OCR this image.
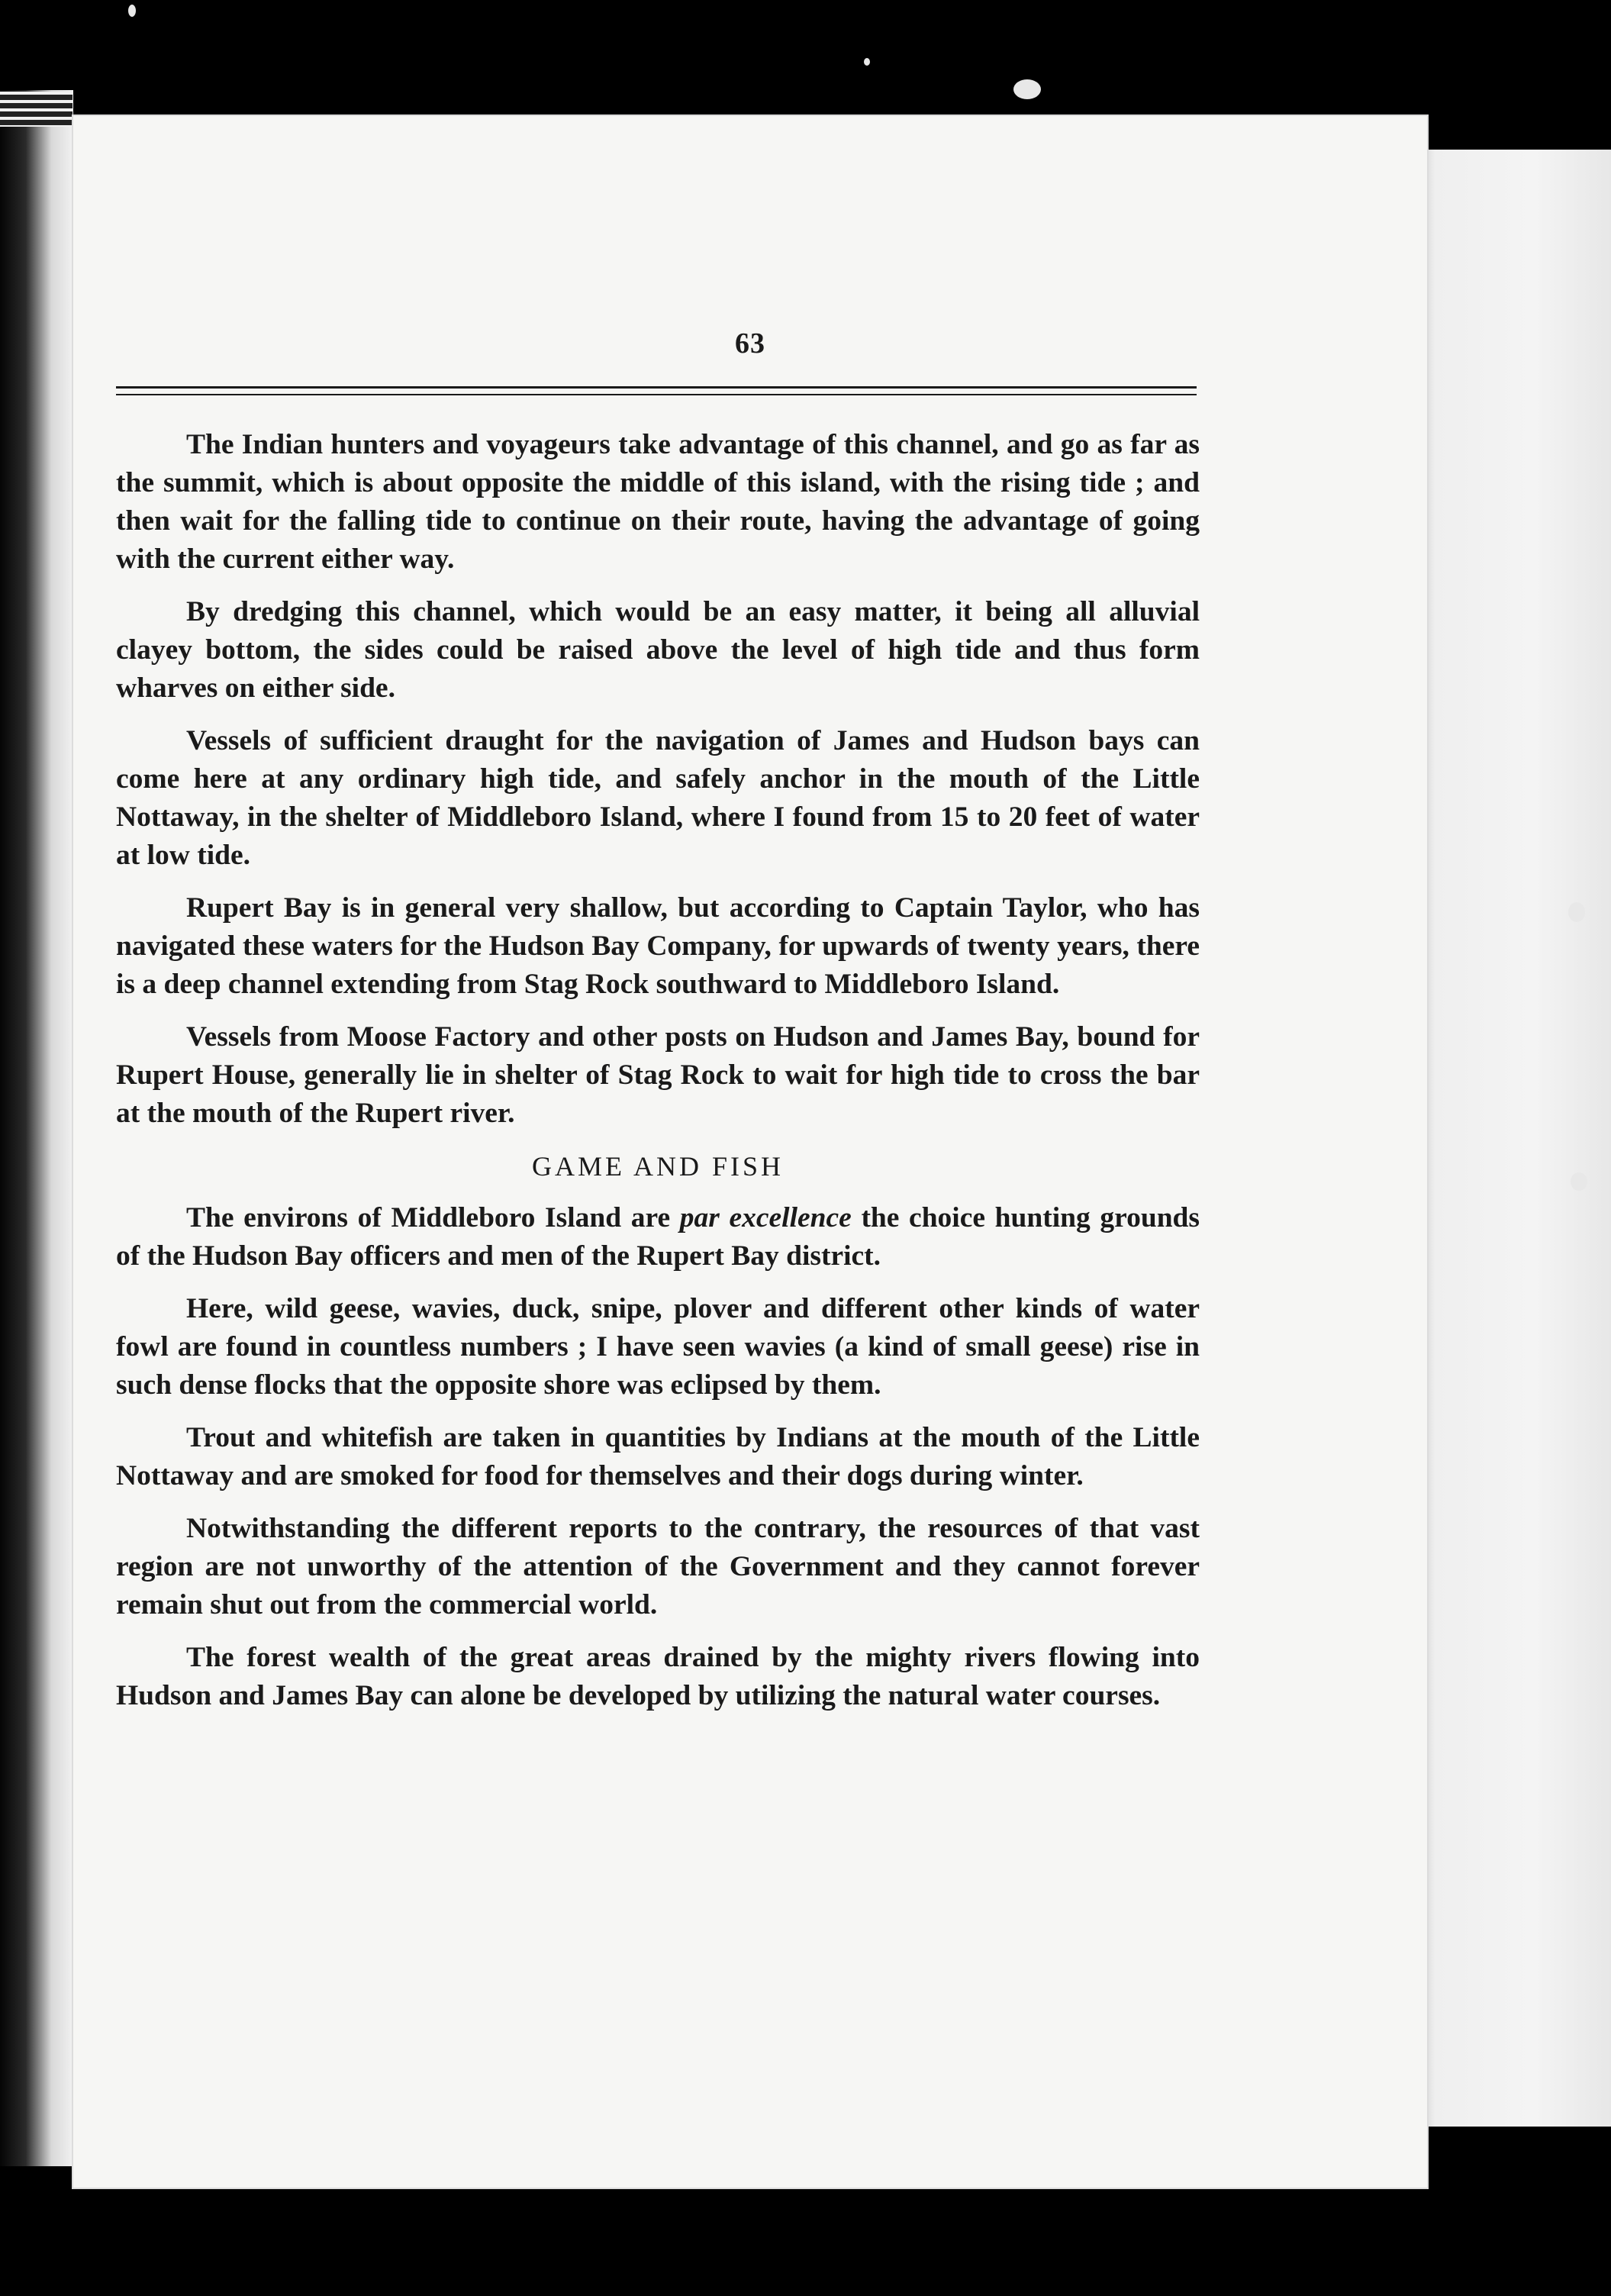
63

The Indian hunters and voyageurs take advantage of this channel, and go as far as the summit, which is about opposite the middle of this island, with the rising tide ; and then wait for the falling tide to continue on their route, having the advantage of going with the current either way.

By dredging this channel, which would be an easy matter, it being all alluvial clayey bottom, the sides could be raised above the level of high tide and thus form wharves on either side.

Vessels of sufficient draught for the navigation of James and Hudson bays can come here at any ordinary high tide, and safely anchor in the mouth of the Little Nottaway, in the shelter of Middleboro Island, where I found from 15 to 20 feet of water at low tide.

Rupert Bay is in general very shallow, but according to Captain Taylor, who has navigated these waters for the Hudson Bay Company, for upwards of twenty years, there is a deep channel extending from Stag Rock southward to Middleboro Island.

Vessels from Moose Factory and other posts on Hudson and James Bay, bound for Rupert House, generally lie in shelter of Stag Rock to wait for high tide to cross the bar at the mouth of the Rupert river.

GAME AND FISH

The environs of Middleboro Island are par excellence the choice hunting grounds of the Hudson Bay officers and men of the Rupert Bay district.

Here, wild geese, wavies, duck, snipe, plover and different other kinds of water fowl are found in countless numbers ; I have seen wavies (a kind of small geese) rise in such dense flocks that the opposite shore was eclipsed by them.

Trout and whitefish are taken in quantities by Indians at the mouth of the Little Nottaway and are smoked for food for themselves and their dogs during winter.

Notwithstanding the different reports to the contrary, the resources of that vast region are not unworthy of the attention of the Government and they cannot forever remain shut out from the commercial world.

The forest wealth of the great areas drained by the mighty rivers flowing into Hudson and James Bay can alone be developed by utilizing the natural water courses.
